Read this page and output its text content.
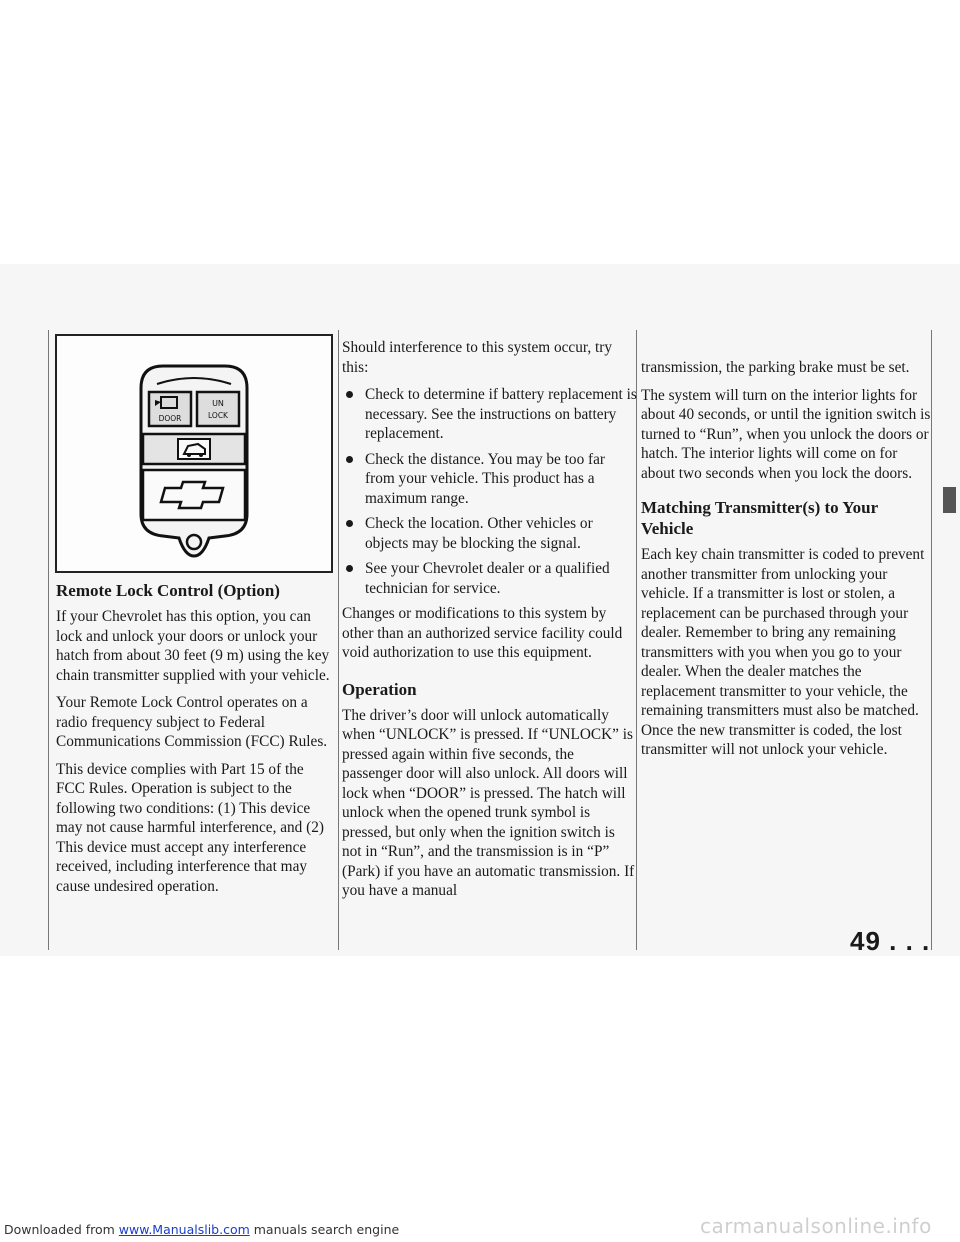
DOOR
UN
LOCK
Remote Lock Control (Option)

If your Chevrolet has this option, you can lock and unlock your doors or unlock your hatch from about 30 feet (9 m) using the key chain transmitter supplied with your vehicle.

Your Remote Lock Control operates on a radio frequency subject to Federal Communications Commission (FCC) Rules.

This device complies with Part 15 of the FCC Rules. Operation is subject to the following two conditions: (1) This device may not cause harmful interference, and (2) This device must accept any interference received, including interference that may cause undesired operation.

Should interference to this system occur, try this:

Check to determine if battery replacement is necessary. See the instructions on battery replacement.
Check the distance. You may be too far from your vehicle. This product has a maximum range.
Check the location. Other vehicles or objects may be blocking the signal.
See your Chevrolet dealer or a qualified technician for service.

Changes or modifications to this system by other than an authorized service facility could void authorization to use this equipment.

Operation

The driver’s door will unlock automatically when “UNLOCK” is pressed. If “UNLOCK” is pressed again within five seconds, the passenger door will also unlock. All doors will lock when “DOOR” is pressed. The hatch will unlock when the opened trunk symbol is pressed, but only when the ignition switch is not in “Run”, and the transmission is in “P” (Park) if you have an automatic transmission. If you have a manual

transmission, the parking brake must be set.

The system will turn on the interior lights for about 40 seconds, or until the ignition switch is turned to “Run”, when you unlock the doors or hatch. The interior lights will come on for about two seconds when you lock the doors.

Matching Transmitter(s) to Your Vehicle

Each key chain transmitter is coded to prevent another transmitter from unlocking your vehicle. If a transmitter is lost or stolen, a replacement can be purchased through your dealer. Remember to bring any remaining transmitters with you when you go to your dealer. When the dealer matches the replacement transmitter to your vehicle, the remaining transmitters must also be matched. Once the new transmitter is coded, the lost transmitter will not unlock your vehicle.

49 . . .
Downloaded from www.Manualslib.com manuals search engine	carmanualsonline.info
